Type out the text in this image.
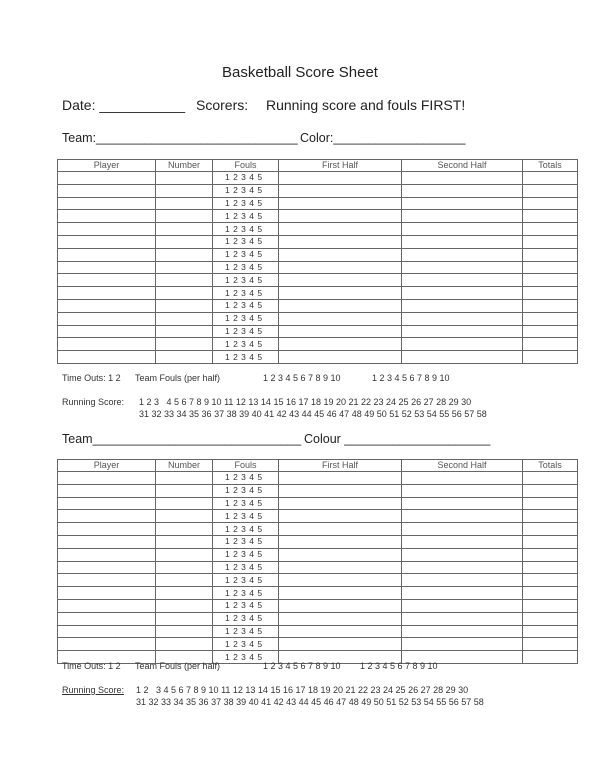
Basketball Score Sheet
Date: ___________ Scorers: Running score and fouls FIRST!
Team:_____________________________ Color:___________________
Player	Number	Fouls	First Half	Second Half	Totals
		1 2 3 4 5			
		1 2 3 4 5			
		1 2 3 4 5			
		1 2 3 4 5			
		1 2 3 4 5			
		1 2 3 4 5			
		1 2 3 4 5			
		1 2 3 4 5			
		1 2 3 4 5			
		1 2 3 4 5			
		1 2 3 4 5			
		1 2 3 4 5			
		1 2 3 4 5			
		1 2 3 4 5			
		1 2 3 4 5			
Time Outs: 1 2 Team Fouls (per half)	1 2 3 4 5 6 7 8 9 10	1 2 3 4 5 6 7 8 9 10
Running Score: 1 2 3   4 5 6 7 8 9 10 11 12 13 14 15 16 17 18 19 20 21 22 23 24 25 26 27 28 29 30
31 32 33 34 35 36 37 38 39 40 41 42 43 44 45 46 47 48 49 50 51 52 53 54 55 56 57 58
Team______________________________ Colour _____________________
Player	Number	Fouls	First Half	Second Half	Totals
		1 2 3 4 5			
		1 2 3 4 5			
		1 2 3 4 5			
		1 2 3 4 5			
		1 2 3 4 5			
		1 2 3 4 5			
		1 2 3 4 5			
		1 2 3 4 5			
		1 2 3 4 5			
		1 2 3 4 5			
		1 2 3 4 5			
		1 2 3 4 5			
		1 2 3 4 5			
		1 2 3 4 5			
		1 2 3 4 5			
Time Outs: 1 2 Team Fouls (per half)	1 2 3 4 5 6 7 8 9 10 1 2 3 4 5 6 7 8 9 10
Running Score: 1 2   3 4 5 6 7 8 9 10 11 12 13 14 15 16 17 18 19 20 21 22 23 24 25 26 27 28 29 30
31 32 33 34 35 36 37 38 39 40 41 42 43 44 45 46 47 48 49 50 51 52 53 54 55 56 57 58
